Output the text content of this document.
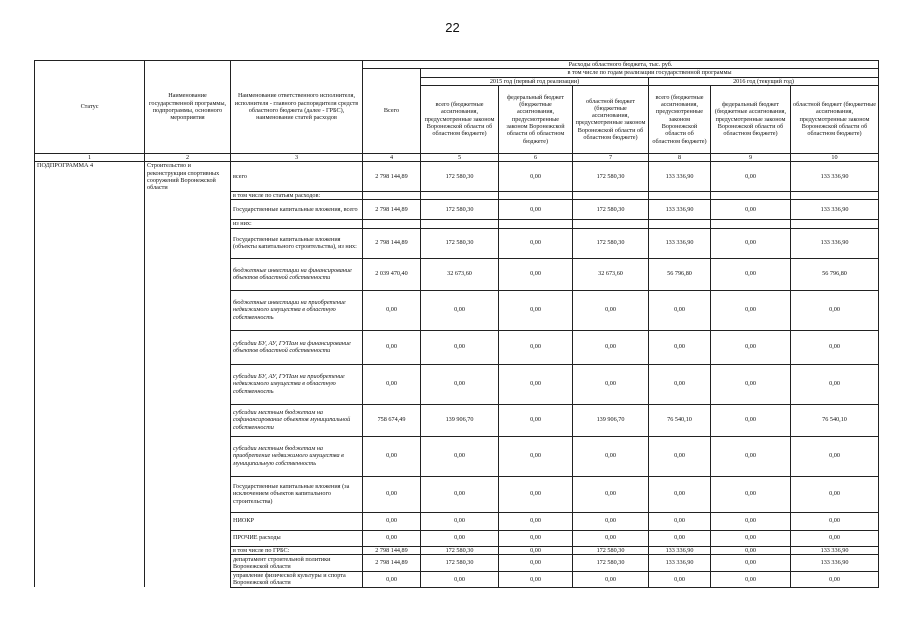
22
Статус	Наименование государственной программы, подпрограммы, основного мероприятия	Наименование ответственного исполнителя, исполнителя - главного распорядителя средств областного бюджета (далее - ГРБС), наименование статей расходов	Расходы областного бюджета, тыс. руб.						
			Всего	в том числе по годам реализации государственной программы					
				2015 год (первый год реализации)			2016 год (текущий год)		
				всего (бюджетные ассигнования, предусмотренные законом Воронежской области об областном бюджете)	федеральный бюджет (бюджетные ассигнования, предусмотренные законом Воронежской области об областном бюджете)	областной бюджет (бюджетные ассигнования, предусмотренные законом Воронежской области об областном бюджете)	всего (бюджетные ассигнования, предусмотренные законом Воронежской области об областном бюджете)	федеральный бюджет (бюджетные ассигнования, предусмотренные законом Воронежской области об областном бюджете)	областной бюджет (бюджетные ассигнования, предусмотренные законом Воронежской области об областном бюджете)
1	2	3	4	5	6	7	8	9	10
ПОДПРОГРАММА 4	Строительство и реконструкция спортивных сооружений Воронежской области	всего	2 798 144,89	172 580,30	0,00	172 580,30	133 336,90	0,00	133 336,90
		в том числе по статьям расходов:							
		Государственные капитальные вложения, всего	2 798 144,89	172 580,30	0,00	172 580,30	133 336,90	0,00	133 336,90
		из них:							
		Государственные капитальные вложения (объекты капитального строительства), из них:	2 798 144,89	172 580,30	0,00	172 580,30	133 336,90	0,00	133 336,90
		бюджетные инвестиции на финансирование объектов областной собственности	2 039 470,40	32 673,60	0,00	32 673,60	56 796,80	0,00	56 796,80
		бюджетные инвестиции на приобретение недвижимого имущества в областную собственность	0,00	0,00	0,00	0,00	0,00	0,00	0,00
		субсидии БУ, АУ, ГУПам на финансирование объектов областной собственности	0,00	0,00	0,00	0,00	0,00	0,00	0,00
		субсидии БУ, АУ, ГУПам на приобретение недвижимого имущества в областную собственность	0,00	0,00	0,00	0,00	0,00	0,00	0,00
		субсидии местным бюджетам на софинансирование объектов муниципальной собственности	758 674,49	139 906,70	0,00	139 906,70	76 540,10	0,00	76 540,10
		субсидии местным бюджетам на приобретение недвижимого имущества в муниципальную собственность	0,00	0,00	0,00	0,00	0,00	0,00	0,00
		Государственные капитальные вложения (за исключением объектов капитального строительства)	0,00	0,00	0,00	0,00	0,00	0,00	0,00
		НИОКР	0,00	0,00	0,00	0,00	0,00	0,00	0,00
		ПРОЧИЕ расходы	0,00	0,00	0,00	0,00	0,00	0,00	0,00
		в том числе по ГРБС:	2 798 144,89	172 580,30	0,00	172 580,30	133 336,90	0,00	133 336,90
		департамент строительной политики Воронежской области	2 798 144,89	172 580,30	0,00	172 580,30	133 336,90	0,00	133 336,90
		управление физической культуры и спорта Воронежской области	0,00	0,00	0,00	0,00	0,00	0,00	0,00
